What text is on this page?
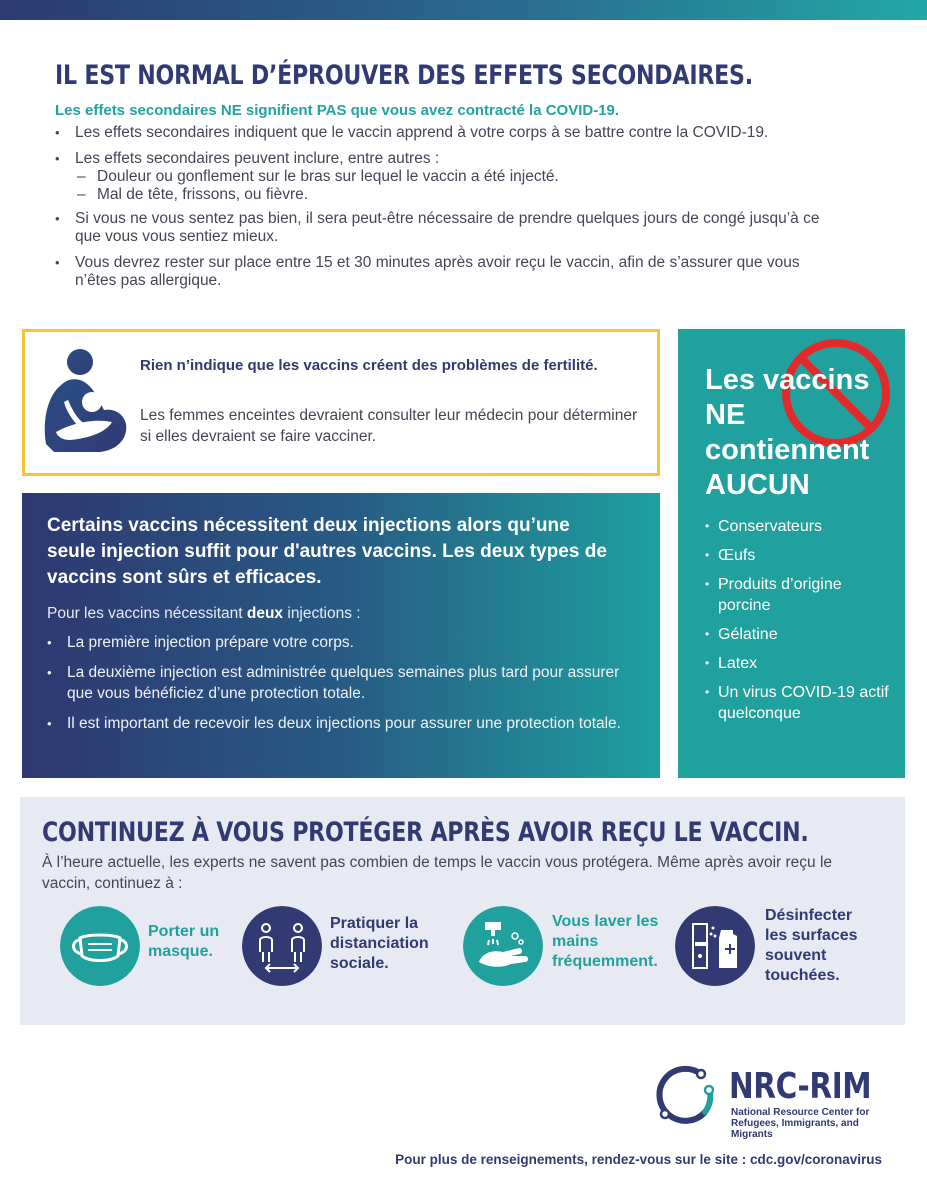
IL EST NORMAL D’ÉPROUVER DES EFFETS SECONDAIRES.
Les effets secondaires NE signifient PAS que vous avez contracté la COVID-19.
• Les effets secondaires indiquent que le vaccin apprend à votre corps à se battre contre la COVID-19.
• Les effets secondaires peuvent inclure, entre autres :
– Douleur ou gonflement sur le bras sur lequel le vaccin a été injecté.
– Mal de tête, frissons, ou fièvre.
• Si vous ne vous sentez pas bien, il sera peut-être nécessaire de prendre quelques jours de congé jusqu’à ce que vous vous sentiez mieux.
• Vous devrez rester sur place entre 15 et 30 minutes après avoir reçu le vaccin, afin de s’assurer que vous n’êtes pas allergique.
Rien n’indique que les vaccins créent des problèmes de fertilité.
Les femmes enceintes devraient consulter leur médecin pour déterminer si elles devraient se faire vacciner.
Certains vaccins nécessitent deux injections alors qu’une seule injection suffit pour d'autres vaccins. Les deux types de vaccins sont sûrs et efficaces.
Pour les vaccins nécessitant deux injections :
• La première injection prépare votre corps.
• La deuxième injection est administrée quelques semaines plus tard pour assurer que vous bénéficiez d’une protection totale.
• Il est important de recevoir les deux injections pour assurer une protection totale.
Les vaccins NE contiennent AUCUN
• Conservateurs
• Œufs
• Produits d’origine porcine
• Gélatine
• Latex
• Un virus COVID-19 actif quelconque
CONTINUEZ À VOUS PROTÉGER APRÈS AVOIR REÇU LE VACCIN.
À l’heure actuelle, les experts ne savent pas combien de temps le vaccin vous protégera. Même après avoir reçu le vaccin, continuez à :
Porter un masque.
Pratiquer la distanciation sociale.
Vous laver les mains fréquemment.
Désinfecter les surfaces souvent touchées.
NRC-RIM
National Resource Center for Refugees, Immigrants, and Migrants
Pour plus de renseignements, rendez-vous sur le site : cdc.gov/coronavirus
